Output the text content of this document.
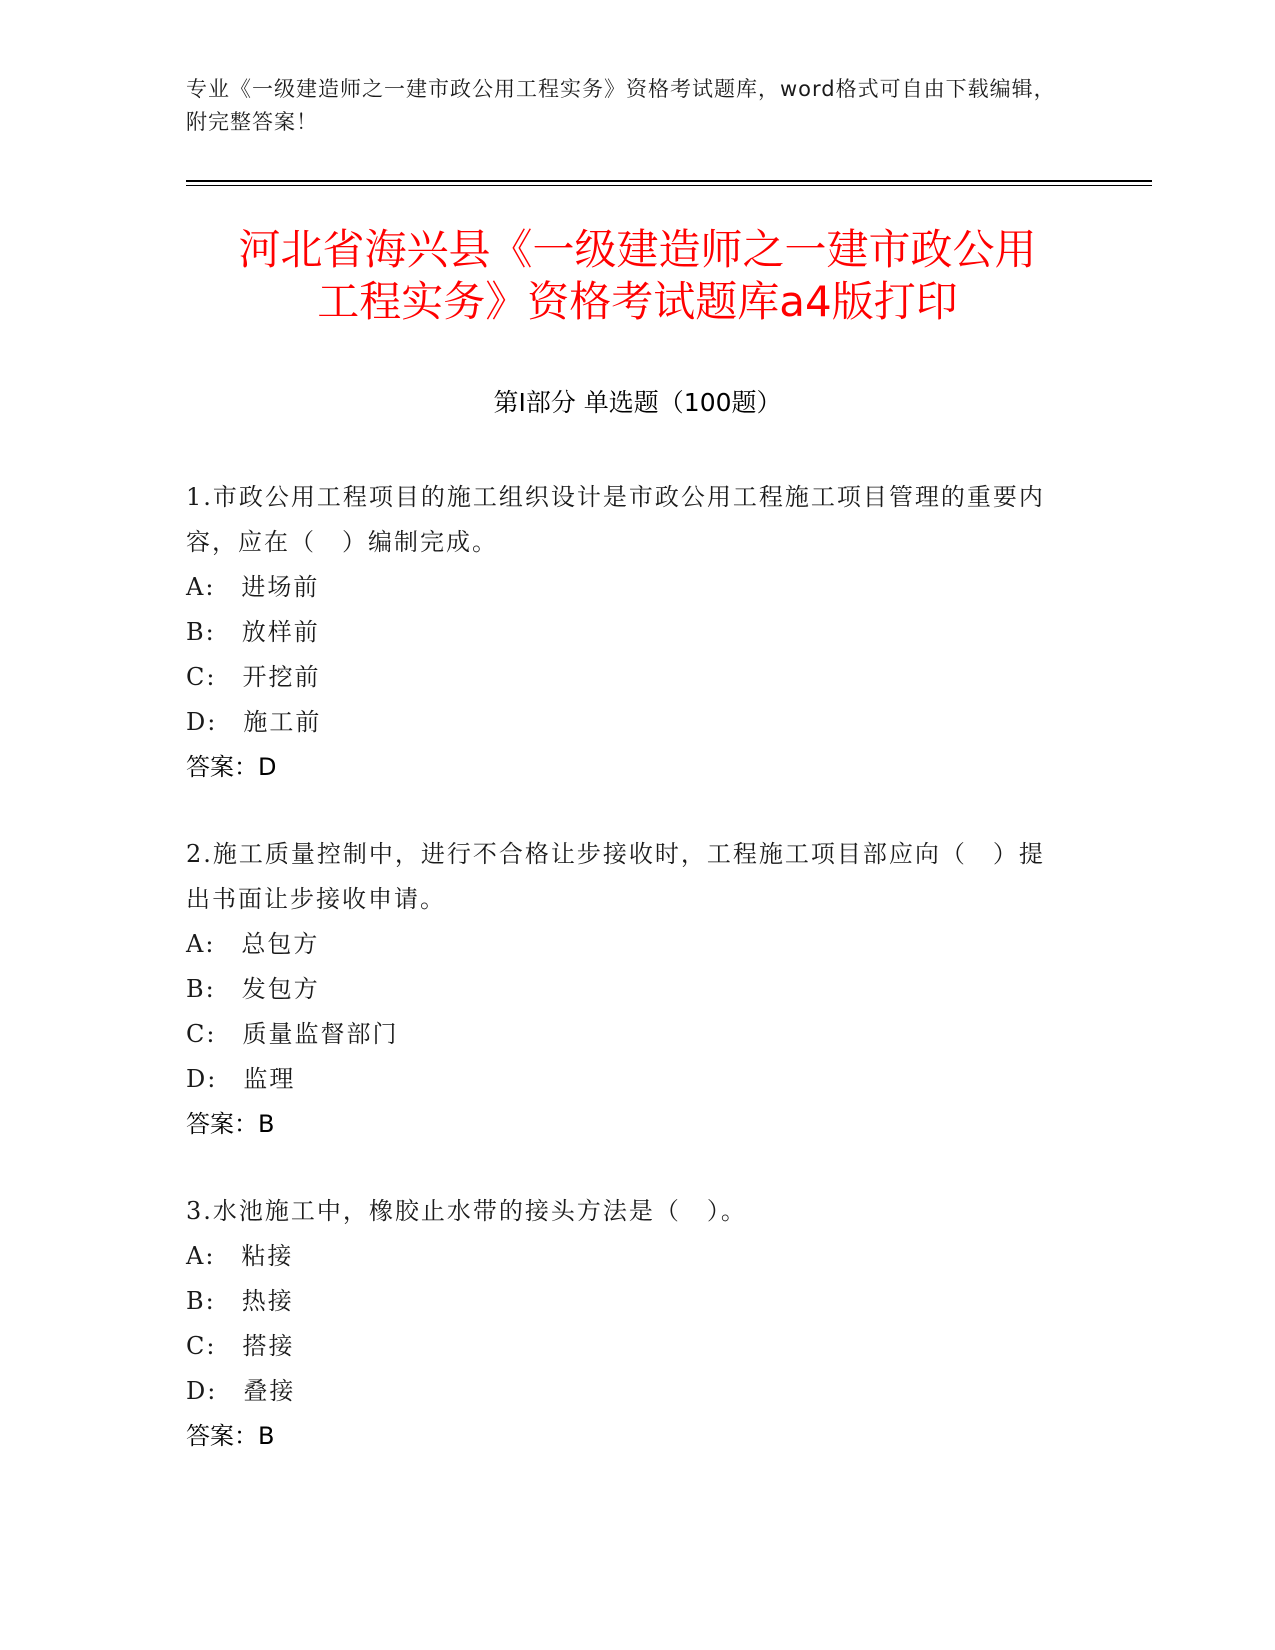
专业《一级建造师之一建市政公用工程实务》资格考试题库，word格式可自由下载编辑，附完整答案！
河北省海兴县《一级建造师之一建市政公用
工程实务》资格考试题库a4版打印
第I部分 单选题（100题）
1.市政公用工程项目的施工组织设计是市政公用工程施工项目管理的重要内容，应在（　）编制完成。
A:　进场前
B:　放样前
C:　开挖前
D:　施工前
答案：D
2.施工质量控制中，进行不合格让步接收时，工程施工项目部应向（　）提出书面让步接收申请。
A:　总包方
B:　发包方
C:　质量监督部门
D:　监理
答案：B
3.水池施工中，橡胶止水带的接头方法是（　）。
A:　粘接
B:　热接
C:　搭接
D:　叠接
答案：B
